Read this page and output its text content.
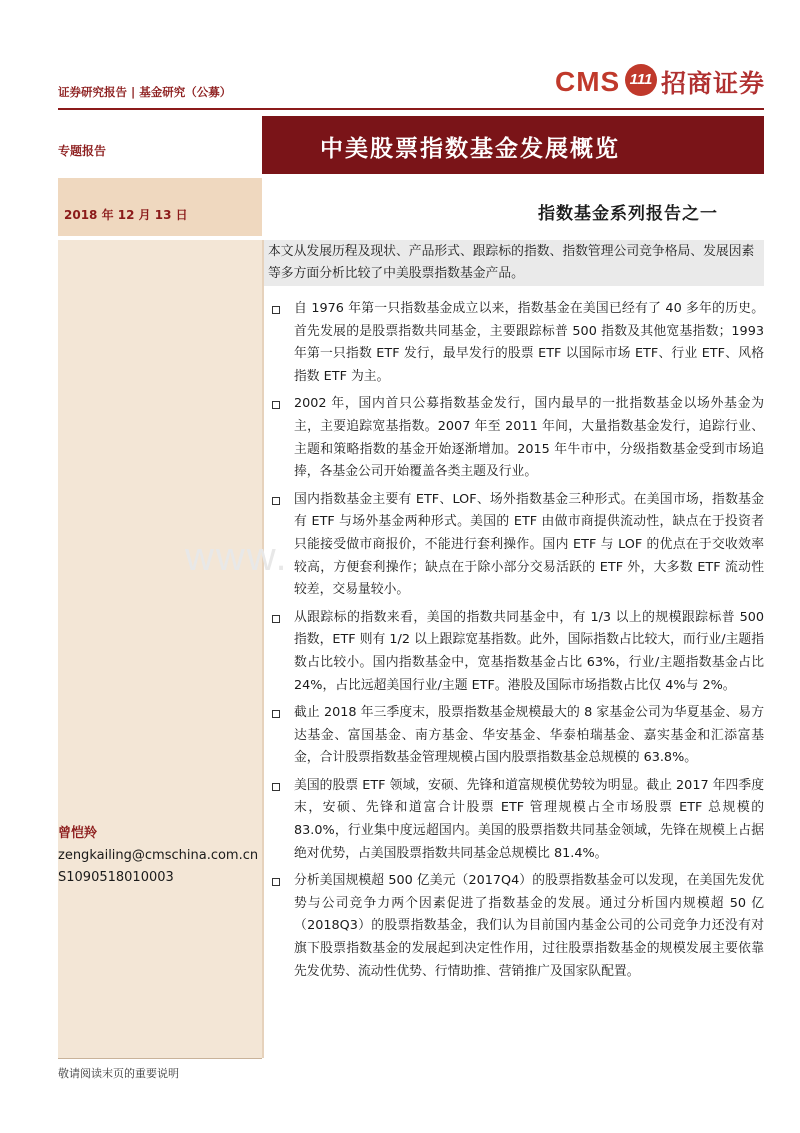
证券研究报告 | 基金研究（公募）	CMS 111 招商证券
专题报告	中美股票指数基金发展概览
2018 年 12 月 13 日	指数基金系列报告之一
www.
本文从发展历程及现状、产品形式、跟踪标的指数、指数管理公司竞争格局、发展因素等多方面分析比较了中美股票指数基金产品。
自 1976 年第一只指数基金成立以来，指数基金在美国已经有了 40 多年的历史。首先发展的是股票指数共同基金，主要跟踪标普 500 指数及其他宽基指数；1993 年第一只指数 ETF 发行，最早发行的股票 ETF 以国际市场 ETF、行业 ETF、风格指数 ETF 为主。
2002 年，国内首只公募指数基金发行，国内最早的一批指数基金以场外基金为主，主要追踪宽基指数。2007 年至 2011 年间，大量指数基金发行，追踪行业、主题和策略指数的基金开始逐渐增加。2015 年牛市中，分级指数基金受到市场追捧，各基金公司开始覆盖各类主题及行业。
国内指数基金主要有 ETF、LOF、场外指数基金三种形式。在美国市场，指数基金有 ETF 与场外基金两种形式。美国的 ETF 由做市商提供流动性，缺点在于投资者只能接受做市商报价，不能进行套利操作。国内 ETF 与 LOF 的优点在于交收效率较高，方便套利操作；缺点在于除小部分交易活跃的 ETF 外，大多数 ETF 流动性较差，交易量较小。
从跟踪标的指数来看，美国的指数共同基金中，有 1/3 以上的规模跟踪标普 500 指数，ETF 则有 1/2 以上跟踪宽基指数。此外，国际指数占比较大，而行业/主题指数占比较小。国内指数基金中，宽基指数基金占比 63%，行业/主题指数基金占比 24%，占比远超美国行业/主题 ETF。港股及国际市场指数占比仅 4%与 2%。
截止 2018 年三季度末，股票指数基金规模最大的 8 家基金公司为华夏基金、易方达基金、富国基金、南方基金、华安基金、华泰柏瑞基金、嘉实基金和汇添富基金，合计股票指数基金管理规模占国内股票指数基金总规模的 63.8%。
美国的股票 ETF 领域，安硕、先锋和道富规模优势较为明显。截止 2017 年四季度末，安硕、先锋和道富合计股票 ETF 管理规模占全市场股票 ETF 总规模的 83.0%，行业集中度远超国内。美国的股票指数共同基金领域，先锋在规模上占据绝对优势，占美国股票指数共同基金总规模比 81.4%。
分析美国规模超 500 亿美元（2017Q4）的股票指数基金可以发现，在美国先发优势与公司竞争力两个因素促进了指数基金的发展。通过分析国内规模超 50 亿（2018Q3）的股票指数基金，我们认为目前国内基金公司的公司竞争力还没有对旗下股票指数基金的发展起到决定性作用，过往股票指数基金的规模发展主要依靠先发优势、流动性优势、行情助推、营销推广及国家队配置。
曾恺羚
zengkailing@cmschina.com.cn
S1090518010003
敬请阅读末页的重要说明
